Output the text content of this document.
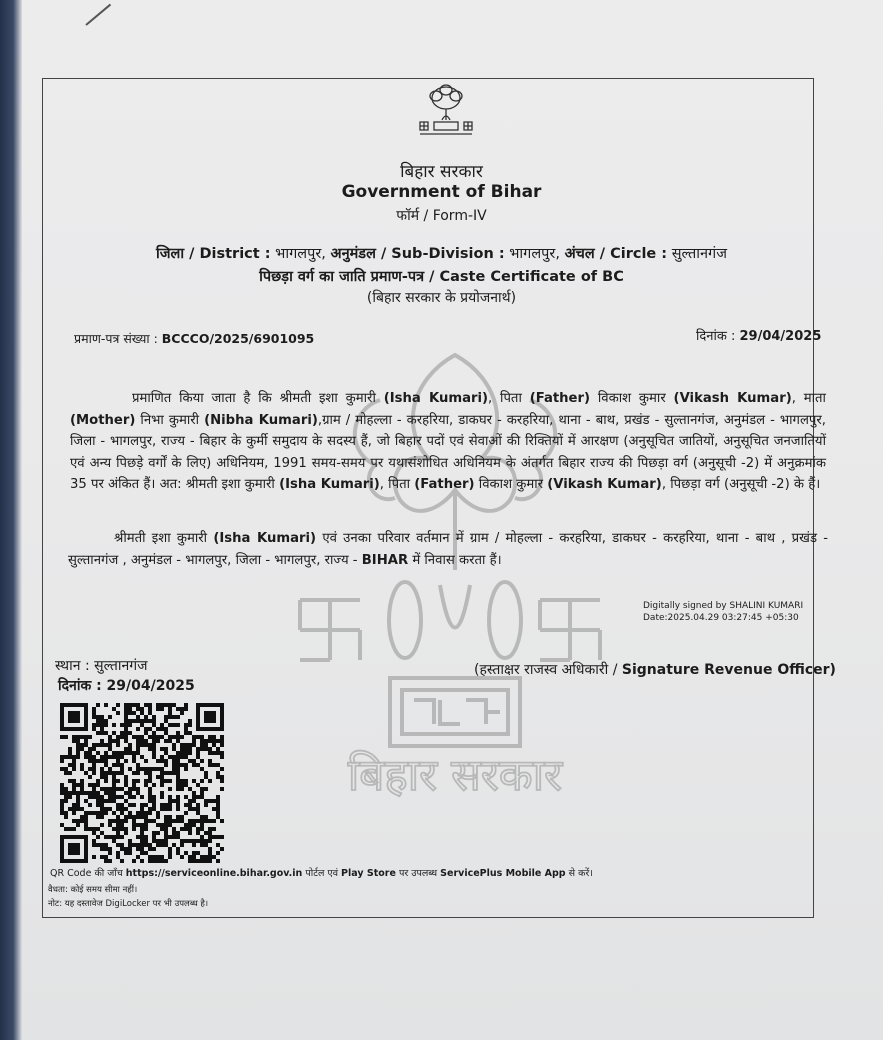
बिहार सरकार
बिहार सरकार
Government of Bihar
फॉर्म / Form-IV
जिला / District : भागलपुर, अनुमंडल / Sub-Division : भागलपुर, अंचल / Circle : सुल्तानगंज
पिछड़ा वर्ग का जाति प्रमाण-पत्र / Caste Certificate of BC
(बिहार सरकार के प्रयोजनार्थ)
प्रमाण-पत्र संख्या : BCCCO/2025/6901095	दिनांक : 29/04/2025
प्रमाणित किया जाता है कि श्रीमती इशा कुमारी (Isha Kumari), पिता (Father) विकाश कुमार (Vikash Kumar), माता (Mother) निभा कुमारी (Nibha Kumari),ग्राम / मोहल्ला - करहरिया, डाकघर - करहरिया, थाना - बाथ, प्रखंड - सुल्तानगंज, अनुमंडल - भागलपुर, जिला - भागलपुर, राज्य - बिहार के कुर्मी समुदाय के सदस्य हैं, जो बिहार पदों एवं सेवाओं की रिक्तियों में आरक्षण (अनुसूचित जातियों, अनुसूचित जनजातियों एवं अन्य पिछड़े वर्गों के लिए) अधिनियम, 1991 समय-समय पर यथासंशोधित अधिनियम के अंतर्गत बिहार राज्य की पिछड़ा वर्ग (अनुसूची -2) में अनुक्रमांक 35 पर अंकित हैं। अत: श्रीमती इशा कुमारी (Isha Kumari), पिता (Father) विकाश कुमार (Vikash Kumar), पिछड़ा वर्ग (अनुसूची -2) के हैं।
श्रीमती इशा कुमारी (Isha Kumari) एवं उनका परिवार वर्तमान में ग्राम / मोहल्ला - करहरिया, डाकघर - करहरिया, थाना - बाथ , प्रखंड - सुल्तानगंज , अनुमंडल - भागलपुर, जिला - भागलपुर, राज्य - BIHAR में निवास करता हैं।
Digitally signed by SHALINI KUMARI
Date:2025.04.29 03:27:45 +05:30
स्थान : सुल्तानगंज
दिनांक : 29/04/2025
(हस्ताक्षर राजस्व अधिकारी / Signature Revenue Officer)
QR Code की जाँच https://serviceonline.bihar.gov.in पोर्टल एवं Play Store पर उपलब्ध ServicePlus Mobile App से करें।
वैधता: कोई समय सीमा नहीं।
नोट: यह दस्तावेज DigiLocker पर भी उपलब्ध है।
